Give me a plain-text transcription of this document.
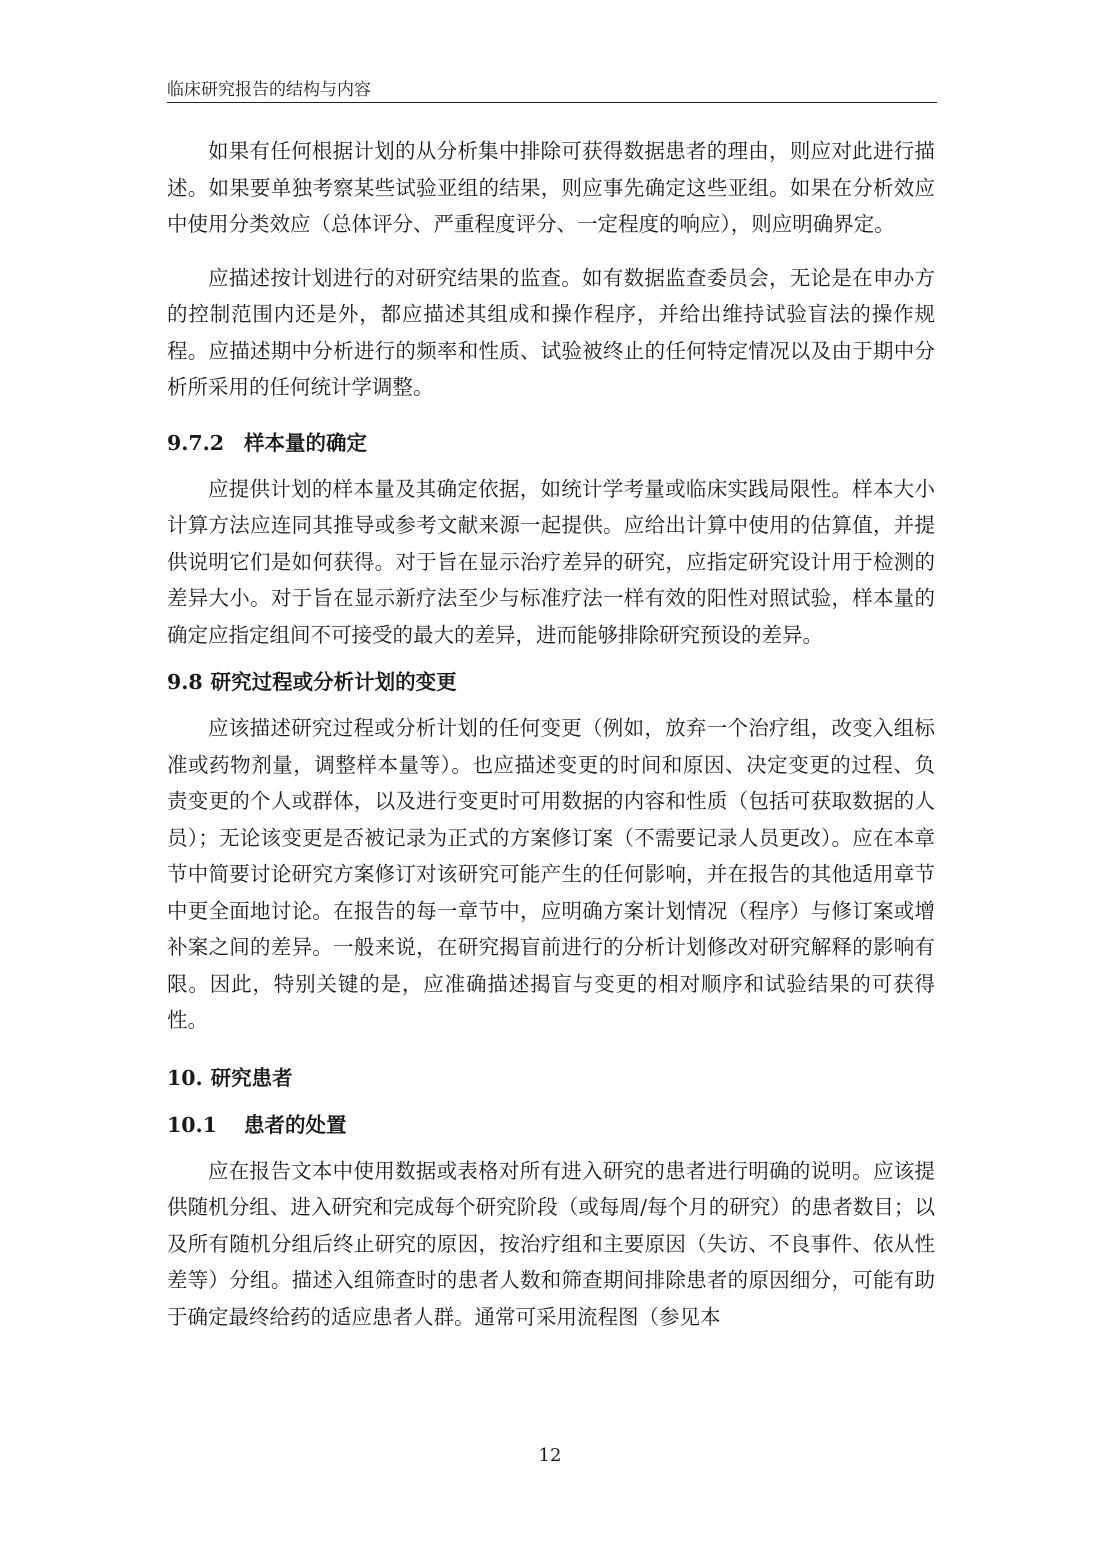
临床研究报告的结构与内容

如果有任何根据计划的从分析集中排除可获得数据患者的理由，则应对此进行描述。如果要单独考察某些试验亚组的结果，则应事先确定这些亚组。如果在分析效应中使用分类效应（总体评分、严重程度评分、一定程度的响应），则应明确界定。

应描述按计划进行的对研究结果的监查。如有数据监查委员会，无论是在申办方的控制范围内还是外，都应描述其组成和操作程序，并给出维持试验盲法的操作规程。应描述期中分析进行的频率和性质、试验被终止的任何特定情况以及由于期中分析所采用的任何统计学调整。

9.7.2 样本量的确定

应提供计划的样本量及其确定依据，如统计学考量或临床实践局限性。样本大小计算方法应连同其推导或参考文献来源一起提供。应给出计算中使用的估算值，并提供说明它们是如何获得。对于旨在显示治疗差异的研究，应指定研究设计用于检测的差异大小。对于旨在显示新疗法至少与标准疗法一样有效的阳性对照试验，样本量的确定应指定组间不可接受的最大的差异，进而能够排除研究预设的差异。

9.8 研究过程或分析计划的变更

应该描述研究过程或分析计划的任何变更（例如，放弃一个治疗组，改变入组标准或药物剂量，调整样本量等）。也应描述变更的时间和原因、决定变更的过程、负责变更的个人或群体，以及进行变更时可用数据的内容和性质（包括可获取数据的人员）；无论该变更是否被记录为正式的方案修订案（不需要记录人员更改）。应在本章节中简要讨论研究方案修订对该研究可能产生的任何影响，并在报告的其他适用章节中更全面地讨论。在报告的每一章节中，应明确方案计划情况（程序）与修订案或增补案之间的差异。一般来说，在研究揭盲前进行的分析计划修改对研究解释的影响有限。因此，特别关键的是，应准确描述揭盲与变更的相对顺序和试验结果的可获得性。

10. 研究患者
10.1 患者的处置

应在报告文本中使用数据或表格对所有进入研究的患者进行明确的说明。应该提供随机分组、进入研究和完成每个研究阶段（或每周/每个月的研究）的患者数目；以及所有随机分组后终止研究的原因，按治疗组和主要原因（失访、不良事件、依从性差等）分组。描述入组筛查时的患者人数和筛查期间排除患者的原因细分，可能有助于确定最终给药的适应患者人群。通常可采用流程图（参见本

12
